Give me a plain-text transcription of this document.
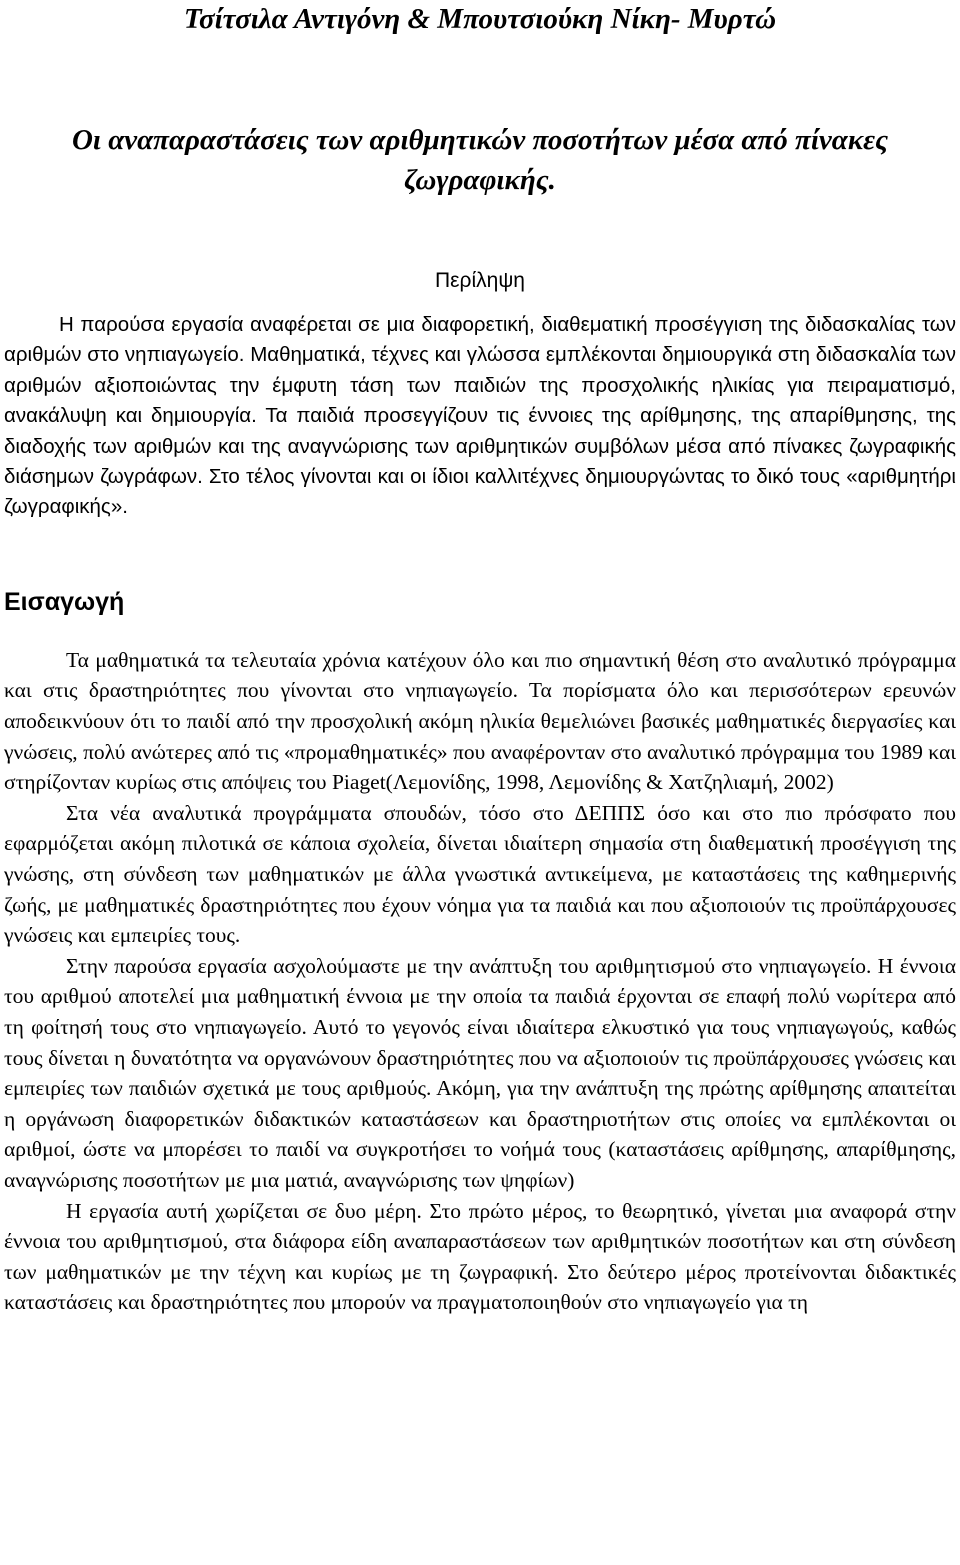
Τσίτσιλα Αντιγόνη & Μπουτσιούκη Νίκη- Μυρτώ
Οι αναπαραστάσεις των αριθμητικών ποσοτήτων μέσα από πίνακες ζωγραφικής.
Περίληψη

Η παρούσα εργασία αναφέρεται σε μια διαφορετική, διαθεματική προσέγγιση της διδασκαλίας των αριθμών στο νηπιαγωγείο. Μαθηματικά, τέχνες και γλώσσα εμπλέκονται δημιουργικά στη διδασκαλία των αριθμών αξιοποιώντας την έμφυτη τάση των παιδιών της προσχολικής ηλικίας για πειραματισμό, ανακάλυψη και δημιουργία. Τα παιδιά προσεγγίζουν τις έννοιες της αρίθμησης, της απαρίθμησης, της διαδοχής των αριθμών και της αναγνώρισης των αριθμητικών συμβόλων μέσα από πίνακες ζωγραφικής διάσημων ζωγράφων. Στο τέλος γίνονται και οι ίδιοι καλλιτέχνες δημιουργώντας το δικό τους «αριθμητήρι ζωγραφικής».

Εισαγωγή

Τα μαθηματικά τα τελευταία χρόνια κατέχουν όλο και πιο σημαντική θέση στο αναλυτικό πρόγραμμα και στις δραστηριότητες που γίνονται στο νηπιαγωγείο. Τα πορίσματα όλο και περισσότερων ερευνών αποδεικνύουν ότι το παιδί από την προσχολική ακόμη ηλικία θεμελιώνει βασικές μαθηματικές διεργασίες και γνώσεις, πολύ ανώτερες από τις «προμαθηματικές» που αναφέρονταν στο αναλυτικό πρόγραμμα του 1989 και στηρίζονταν κυρίως στις απόψεις του Piaget(Λεμονίδης, 1998, Λεμονίδης & Χατζηλιαμή, 2002)

Στα νέα αναλυτικά προγράμματα σπουδών, τόσο στο ΔΕΠΠΣ όσο και στο πιο πρόσφατο που εφαρμόζεται ακόμη πιλοτικά σε κάποια σχολεία, δίνεται ιδιαίτερη σημασία στη διαθεματική προσέγγιση της γνώσης, στη σύνδεση των μαθηματικών με άλλα γνωστικά αντικείμενα, με καταστάσεις της καθημερινής ζωής, με μαθηματικές δραστηριότητες που έχουν νόημα για τα παιδιά και που αξιοποιούν τις προϋπάρχουσες γνώσεις και εμπειρίες τους.

Στην παρούσα εργασία ασχολούμαστε με την ανάπτυξη του αριθμητισμού στο νηπιαγωγείο. Η έννοια του αριθμού αποτελεί μια μαθηματική έννοια με την οποία τα παιδιά έρχονται σε επαφή πολύ νωρίτερα από τη φοίτησή τους στο νηπιαγωγείο. Αυτό το γεγονός είναι ιδιαίτερα ελκυστικό για τους νηπιαγωγούς, καθώς τους δίνεται η δυνατότητα να οργανώνουν δραστηριότητες που να αξιοποιούν τις προϋπάρχουσες γνώσεις και εμπειρίες των παιδιών σχετικά με τους αριθμούς. Ακόμη, για την ανάπτυξη της πρώτης αρίθμησης απαιτείται η οργάνωση διαφορετικών διδακτικών καταστάσεων και δραστηριοτήτων στις οποίες να εμπλέκονται οι αριθμοί, ώστε να μπορέσει το παιδί να συγκροτήσει το νοήμά τους (καταστάσεις αρίθμησης, απαρίθμησης, αναγνώρισης ποσοτήτων με μια ματιά, αναγνώρισης των ψηφίων)

Η εργασία αυτή χωρίζεται σε δυο μέρη. Στο πρώτο μέρος, το θεωρητικό, γίνεται μια αναφορά στην έννοια του αριθμητισμού, στα διάφορα είδη αναπαραστάσεων των αριθμητικών ποσοτήτων και στη σύνδεση των μαθηματικών με την τέχνη και κυρίως με τη ζωγραφική. Στο δεύτερο μέρος προτείνονται διδακτικές καταστάσεις και δραστηριότητες που μπορούν να πραγματοποιηθούν στο νηπιαγωγείο για τη
